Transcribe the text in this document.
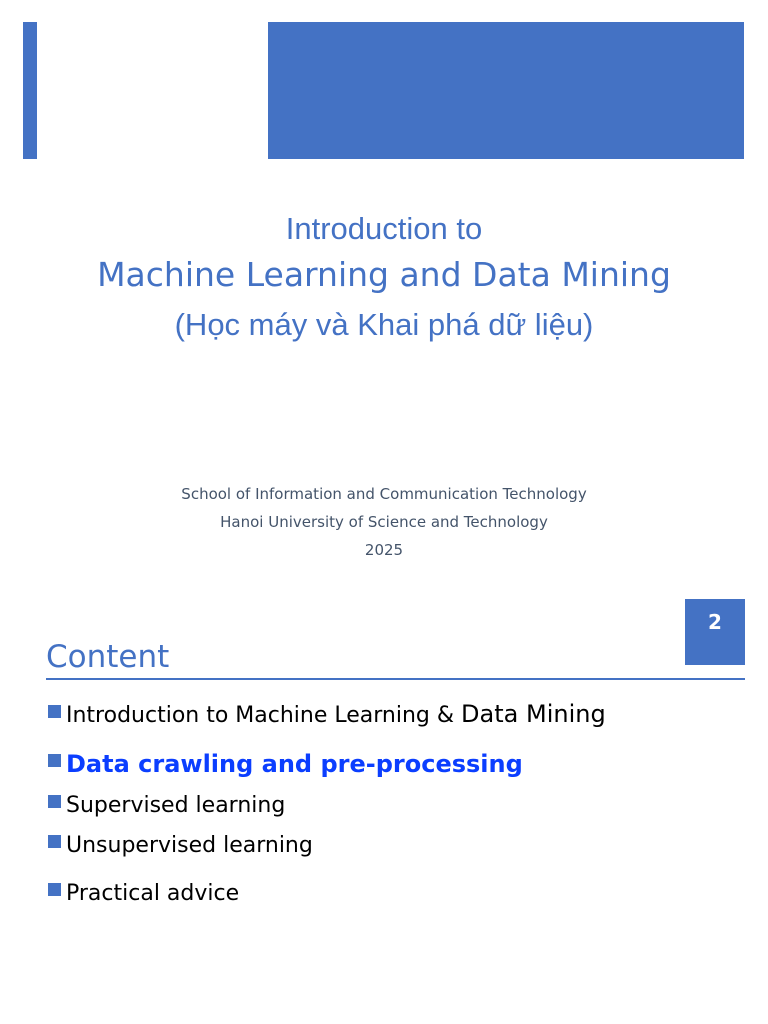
Introduction to
Machine Learning and Data Mining
(Học máy và Khai phá dữ liệu)
School of Information and Communication Technology
Hanoi University of Science and Technology
2025
2
Content
Introduction to Machine Learning & Data Mining
Data crawling and pre-processing
Supervised learning
Unsupervised learning
Practical advice
